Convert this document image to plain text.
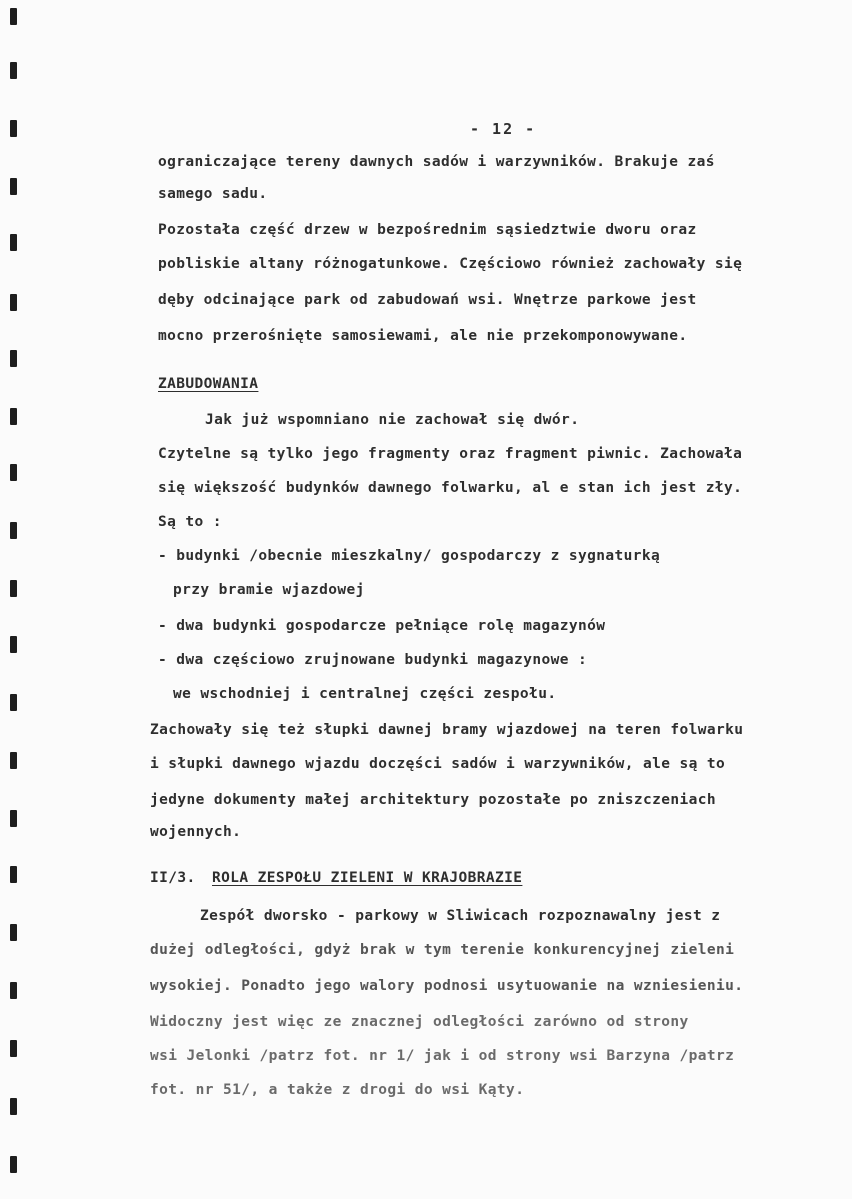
- 12 -
ograniczające tereny dawnych sadów i warzywników. Brakuje zaś
samego sadu.
Pozostała część drzew w bezpośrednim sąsiedztwie dworu oraz
pobliskie altany różnogatunkowe. Częściowo również zachowały się
dęby odcinające park od zabudowań wsi. Wnętrze parkowe jest
mocno przerośnięte samosiewami, ale nie przekomponowywane.
ZABUDOWANIA
Jak już wspomniano nie zachował się dwór.
Czytelne są tylko jego fragmenty oraz fragment piwnic. Zachowała
się większość budynków dawnego folwarku, al e stan ich jest zły.
Są to :
- budynki /obecnie mieszkalny/ gospodarczy z sygnaturką
przy bramie wjazdowej
- dwa budynki gospodarcze pełniące rolę magazynów
- dwa częściowo zrujnowane budynki magazynowe :
we wschodniej i centralnej części zespołu.
Zachowały się też słupki dawnej bramy wjazdowej na teren folwarku
i słupki dawnego wjazdu doczęści sadów i warzywników, ale są to
jedyne dokumenty małej architektury pozostałe po zniszczeniach
wojennych.
II/3. ROLA ZESPOŁU ZIELENI W KRAJOBRAZIE
Zespół dworsko - parkowy w Sliwicach rozpoznawalny jest z
dużej odległości, gdyż brak w tym terenie konkurencyjnej zieleni
wysokiej. Ponadto jego walory podnosi usytuowanie na wzniesieniu.
Widoczny jest więc ze znacznej odległości zarówno od strony
wsi Jelonki /patrz fot. nr 1/ jak i od strony wsi Barzyna /patrz
fot. nr 51/, a także z drogi do wsi Kąty.
